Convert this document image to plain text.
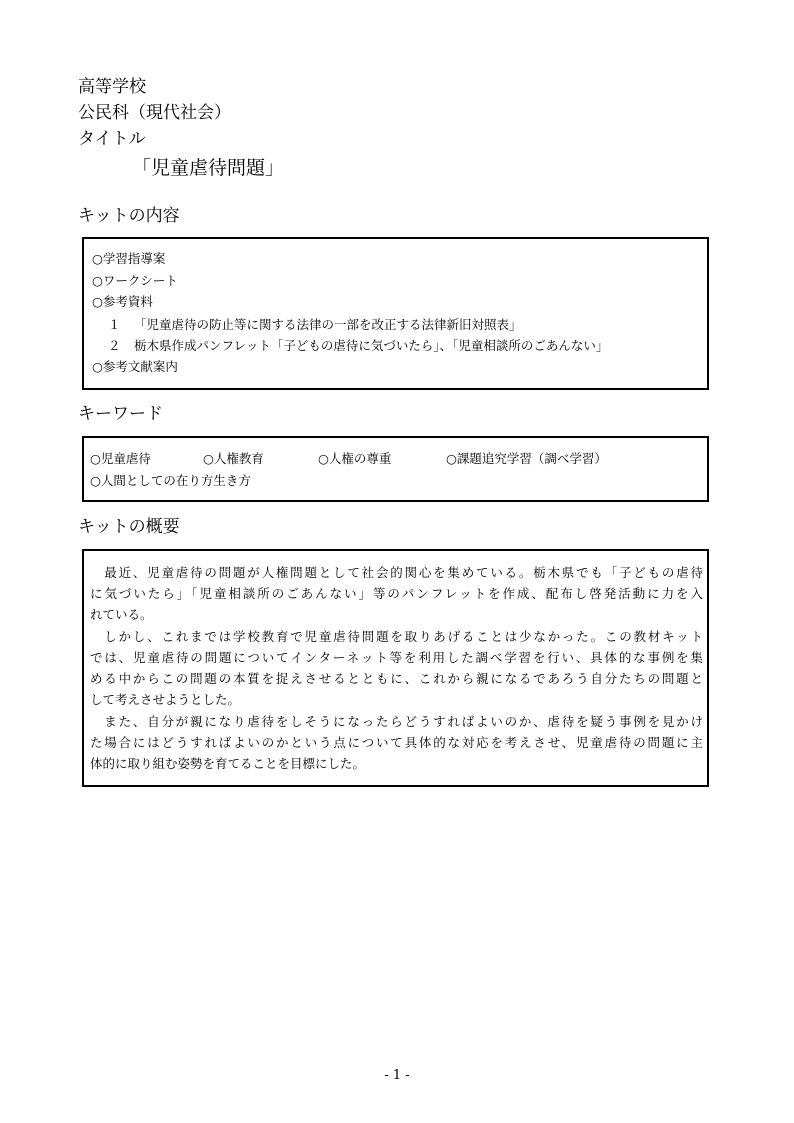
高等学校
公民科（現代社会）
タイトル
「児童虐待問題」
キットの内容
○学習指導案
○ワークシート
○参考資料
１ 「児童虐待の防止等に関する法律の一部を改正する法律新旧対照表」
２ 栃木県作成パンフレット「子どもの虐待に気づいたら」、「児童相談所のごあんない」
○参考文献案内
キーワード
○児童虐待	○人権教育	○人権の尊重	○課題追究学習（調べ学習）
○人間としての在り方生き方
キットの概要
　最近、児童虐待の問題が人権問題として社会的関心を集めている。栃木県でも「子どもの虐待
に気づいたら」「児童相談所のごあんない」等のパンフレットを作成、配布し啓発活動に力を入
れている。
　しかし、これまでは学校教育で児童虐待問題を取りあげることは少なかった。この教材キット
では、児童虐待の問題についてインターネット等を利用した調べ学習を行い、具体的な事例を集
める中からこの問題の本質を捉えさせるとともに、これから親になるであろう自分たちの問題と
して考えさせようとした。
　また、自分が親になり虐待をしそうになったらどうすればよいのか、虐待を疑う事例を見かけ
た場合にはどうすればよいのかという点について具体的な対応を考えさせ、児童虐待の問題に主
体的に取り組む姿勢を育てることを目標にした。
- 1 -
